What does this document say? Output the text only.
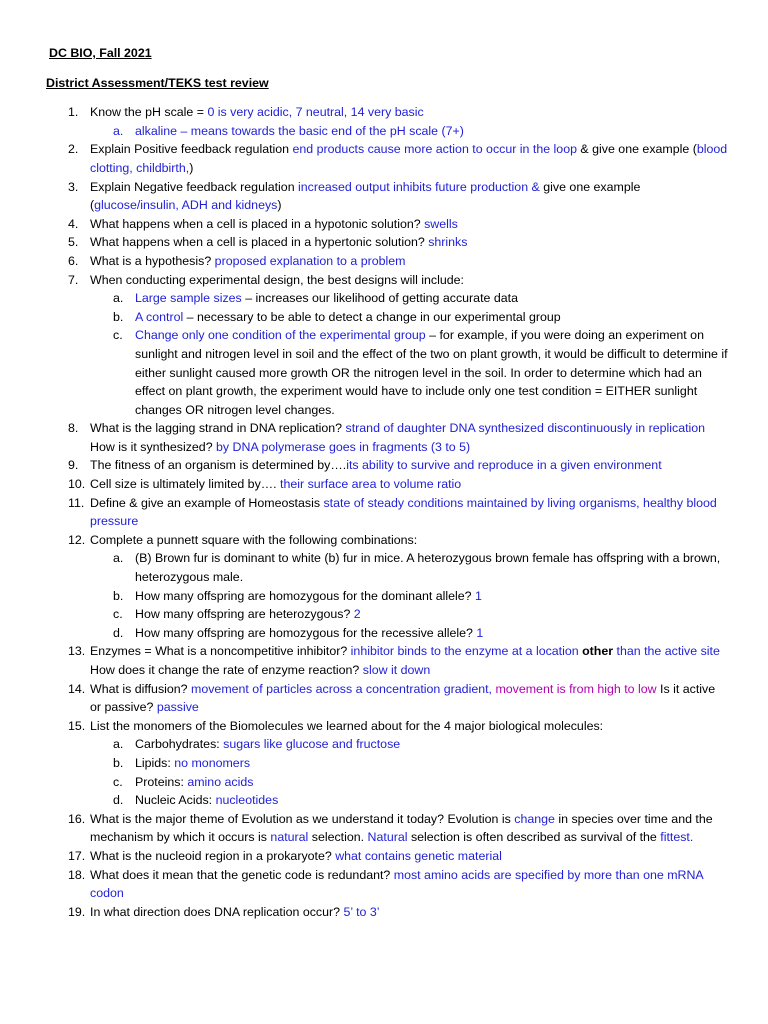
DC BIO, Fall 2021

District Assessment/TEKS test review

1. Know the pH scale = 0 is very acidic, 7 neutral, 14 very basic
a. alkaline – means towards the basic end of the pH scale (7+)
2. Explain Positive feedback regulation end products cause more action to occur in the loop & give one example (blood clotting, childbirth,)
3. Explain Negative feedback regulation increased output inhibits future production & give one example (glucose/insulin, ADH and kidneys)
4. What happens when a cell is placed in a hypotonic solution? swells
5. What happens when a cell is placed in a hypertonic solution? shrinks
6. What is a hypothesis? proposed explanation to a problem
7. When conducting experimental design, the best designs will include:
a. Large sample sizes – increases our likelihood of getting accurate data
b. A control – necessary to be able to detect a change in our experimental group
c. Change only one condition of the experimental group – for example, if you were doing an experiment on sunlight and nitrogen level in soil and the effect of the two on plant growth, it would be difficult to determine if either sunlight caused more growth OR the nitrogen level in the soil. In order to determine which had an effect on plant growth, the experiment would have to include only one test condition = EITHER sunlight changes OR nitrogen level changes.
8. What is the lagging strand in DNA replication? strand of daughter DNA synthesized discontinuously in replication How is it synthesized? by DNA polymerase goes in fragments (3 to 5)
9. The fitness of an organism is determined by….its ability to survive and reproduce in a given environment
10. Cell size is ultimately limited by…. their surface area to volume ratio
11. Define & give an example of Homeostasis state of steady conditions maintained by living organisms, healthy blood pressure
12. Complete a punnett square with the following combinations:
a. (B) Brown fur is dominant to white (b) fur in mice. A heterozygous brown female has offspring with a brown, heterozygous male.
b. How many offspring are homozygous for the dominant allele? 1
c. How many offspring are heterozygous? 2
d. How many offspring are homozygous for the recessive allele? 1
13. Enzymes = What is a noncompetitive inhibitor? inhibitor binds to the enzyme at a location other than the active site How does it change the rate of enzyme reaction? slow it down
14. What is diffusion? movement of particles across a concentration gradient, movement is from high to low Is it active or passive? passive
15. List the monomers of the Biomolecules we learned about for the 4 major biological molecules:
a. Carbohydrates: sugars like glucose and fructose
b. Lipids: no monomers
c. Proteins: amino acids
d. Nucleic Acids: nucleotides
16. What is the major theme of Evolution as we understand it today? Evolution is change in species over time and the mechanism by which it occurs is natural selection. Natural selection is often described as survival of the fittest.
17. What is the nucleoid region in a prokaryote? what contains genetic material
18. What does it mean that the genetic code is redundant? most amino acids are specified by more than one mRNA codon
19. In what direction does DNA replication occur? 5’ to 3’
